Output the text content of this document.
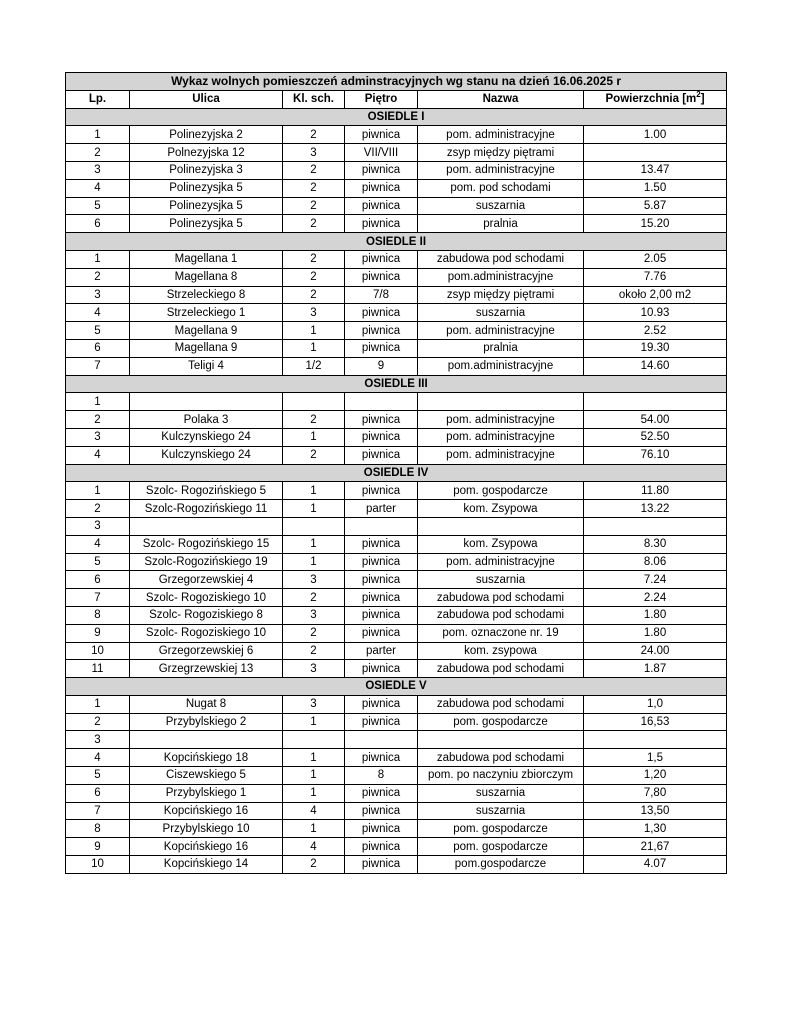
Wykaz wolnych pomieszczeń adminstracyjnych wg stanu na dzień 16.06.2025 r					
Lp.	Ulica	Kl. sch.	Piętro	Nazwa	Powierzchnia $[m^2]$
OSIEDLE I					
1	Polinezyjska 2	2	piwnica	pom. administracyjne	1.00
2	Polnezyjska 12	3	VII/VIII	zsyp między piętrami	
3	Polinezyjska 3	2	piwnica	pom. administracyjne	13.47
4	Polinezysjka 5	2	piwnica	pom. pod schodami	1.50
5	Polinezysjka 5	2	piwnica	suszarnia	5.87
6	Polinezysjka 5	2	piwnica	pralnia	15.20
OSIEDLE II					
1	Magellana 1	2	piwnica	zabudowa pod schodami	2.05
2	Magellana 8	2	piwnica	pom.administracyjne	7.76
3	Strzeleckiego 8	2	7/8	zsyp między piętrami	około 2,00 m2
4	Strzeleckiego 1	3	piwnica	suszarnia	10.93
5	Magellana 9	1	piwnica	pom. administracyjne	2.52
6	Magellana 9	1	piwnica	pralnia	19.30
7	Teligi 4	1/2	9	pom.administracyjne	14.60
OSIEDLE III					
1					
2	Polaka 3	2	piwnica	pom. administracyjne	54.00
3	Kulczynskiego 24	1	piwnica	pom. administracyjne	52.50
4	Kulczynskiego 24	2	piwnica	pom. administracyjne	76.10
OSIEDLE IV					
1	Szolc- Rogozińskiego 5	1	piwnica	pom. gospodarcze	11.80
2	Szolc-Rogozińskiego 11	1	parter	kom. Zsypowa	13.22
3					
4	Szolc- Rogozińskiego 15	1	piwnica	kom. Zsypowa	8.30
5	Szolc-Rogozińskiego 19	1	piwnica	pom. administracyjne	8.06
6	Grzegorzewskiej 4	3	piwnica	suszarnia	7.24
7	Szolc- Rogoziskiego 10	2	piwnica	zabudowa pod schodami	2.24
8	Szolc- Rogoziskiego 8	3	piwnica	zabudowa pod schodami	1.80
9	Szolc- Rogoziskiego 10	2	piwnica	pom. oznaczone nr. 19	1.80
10	Grzegorzewskiej 6	2	parter	kom. zsypowa	24.00
11	Grzegrzewskiej 13	3	piwnica	zabudowa pod schodami	1.87
OSIEDLE V					
1	Nugat 8	3	piwnica	zabudowa pod schodami	1,0
2	Przybylskiego 2	1	piwnica	pom. gospodarcze	16,53
3					
4	Kopcińskiego 18	1	piwnica	zabudowa pod schodami	1,5
5	Ciszewskiego 5	1	8	pom. po naczyniu zbiorczym	1,20
6	Przybylskiego 1	1	piwnica	suszarnia	7,80
7	Kopcińskiego 16	4	piwnica	suszarnia	13,50
8	Przybylskiego 10	1	piwnica	pom. gospodarcze	1,30
9	Kopcińskiego 16	4	piwnica	pom. gospodarcze	21,67
10	Kopcińskiego 14	2	piwnica	pom.gospodarcze	4.07
